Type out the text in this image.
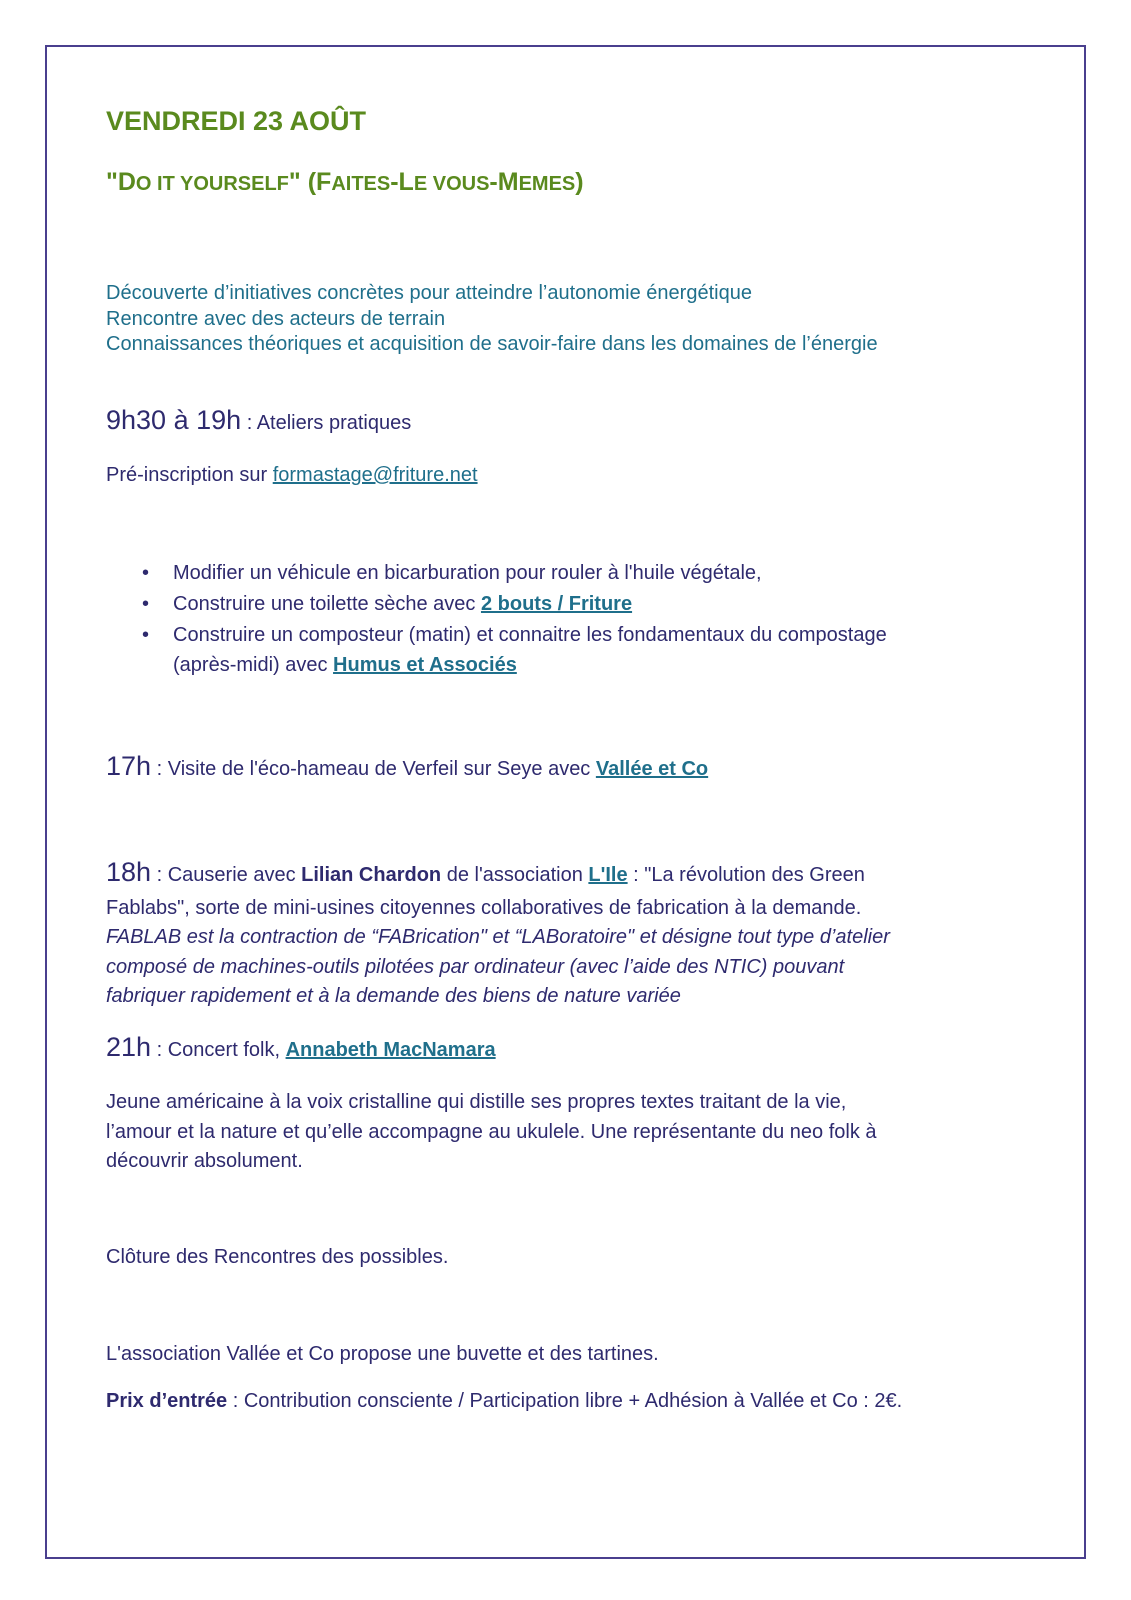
VENDREDI 23 AOÛT
"DO IT YOURSELF" (FAITES-LE VOUS-MEMES)
Découverte d’initiatives concrètes pour atteindre l’autonomie énergétique
Rencontre avec des acteurs de terrain
Connaissances théoriques et acquisition de savoir-faire dans les domaines de l’énergie
9h30 à 19h : Ateliers pratiques
Pré-inscription sur formastage@friture.net
• Modifier un véhicule en bicarburation pour rouler à l'huile végétale,
• Construire une toilette sèche avec 2 bouts / Friture
• Construire un composteur (matin) et connaitre les fondamentaux du compostage
(après-midi) avec Humus et Associés
17h : Visite de l'éco-hameau de Verfeil sur Seye avec Vallée et Co
18h : Causerie avec Lilian Chardon de l'association L'Ile : "La révolution des Green
Fablabs", sorte de mini-usines citoyennes collaboratives de fabrication à la demande.
FABLAB est la contraction de “FABrication" et “LABoratoire" et désigne tout type d’atelier
composé de machines-outils pilotées par ordinateur (avec l’aide des NTIC) pouvant
fabriquer rapidement et à la demande des biens de nature variée
21h : Concert folk, Annabeth MacNamara
Jeune américaine à la voix cristalline qui distille ses propres textes traitant de la vie,
l’amour et la nature et qu’elle accompagne au ukulele. Une représentante du neo folk à
découvrir absolument.
Clôture des Rencontres des possibles.
L'association Vallée et Co propose une buvette et des tartines.
Prix d’entrée : Contribution consciente / Participation libre + Adhésion à Vallée et Co : 2€.
